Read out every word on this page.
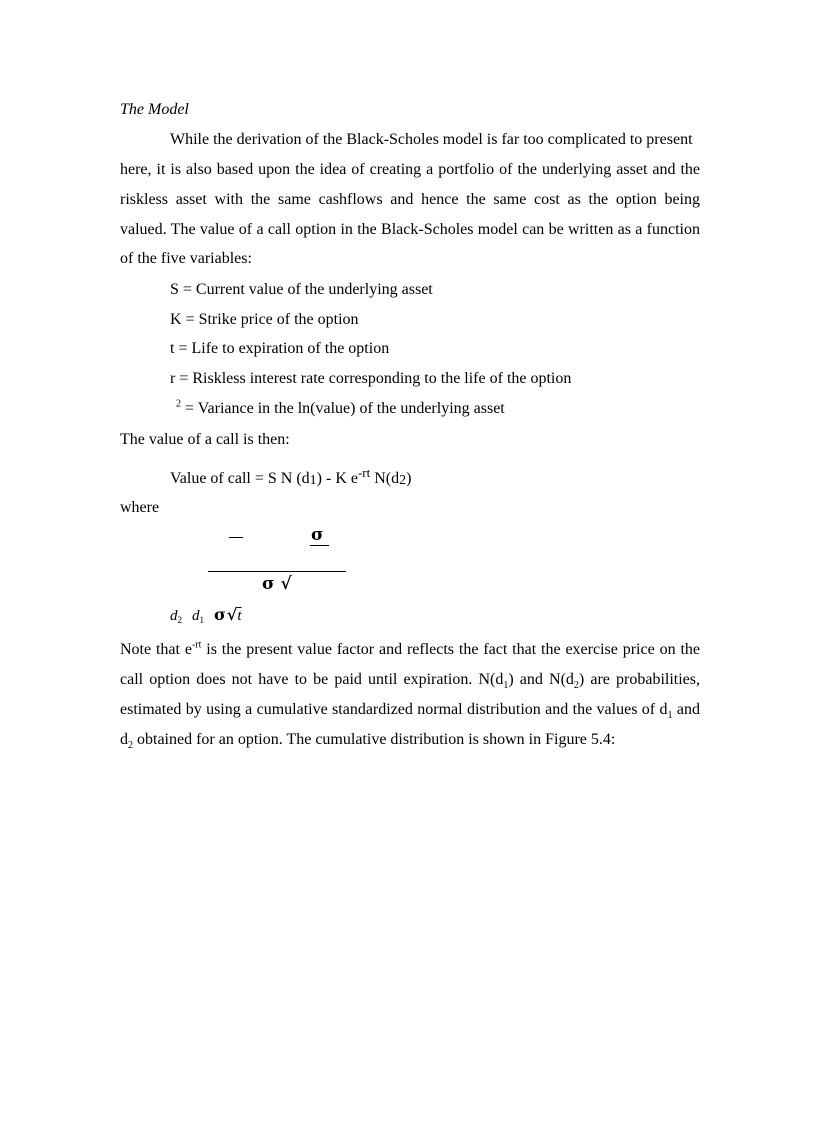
The Model
While the derivation of the Black-Scholes model is far too complicated to present
here, it is also based upon the idea of creating a portfolio of the underlying asset and the
riskless asset with the same cashflows and hence the same cost as the option being
valued. The value of a call option in the Black-Scholes model can be written as a function
of the five variables:
S = Current value of the underlying asset
K = Strike price of the option
t = Life to expiration of the option
r = Riskless interest rate corresponding to the life of the option
$^2$ = Variance in the ln(value) of the underlying asset
The value of a call is then:
Value of call = S N (d1) - K $e^{-rt}$ N(d2)
where
σ
σ √
$d_2$ $d_1$ σ√t
Note that $e^{-rt}$ is the present value factor and reflects the fact that the exercise price on the
call option does not have to be paid until expiration. $N(d_1)$ and $N(d_2)$ are probabilities,
estimated by using a cumulative standardized normal distribution and the values of $d_1$ and
$d_2$ obtained for an option. The cumulative distribution is shown in Figure 5.4:
